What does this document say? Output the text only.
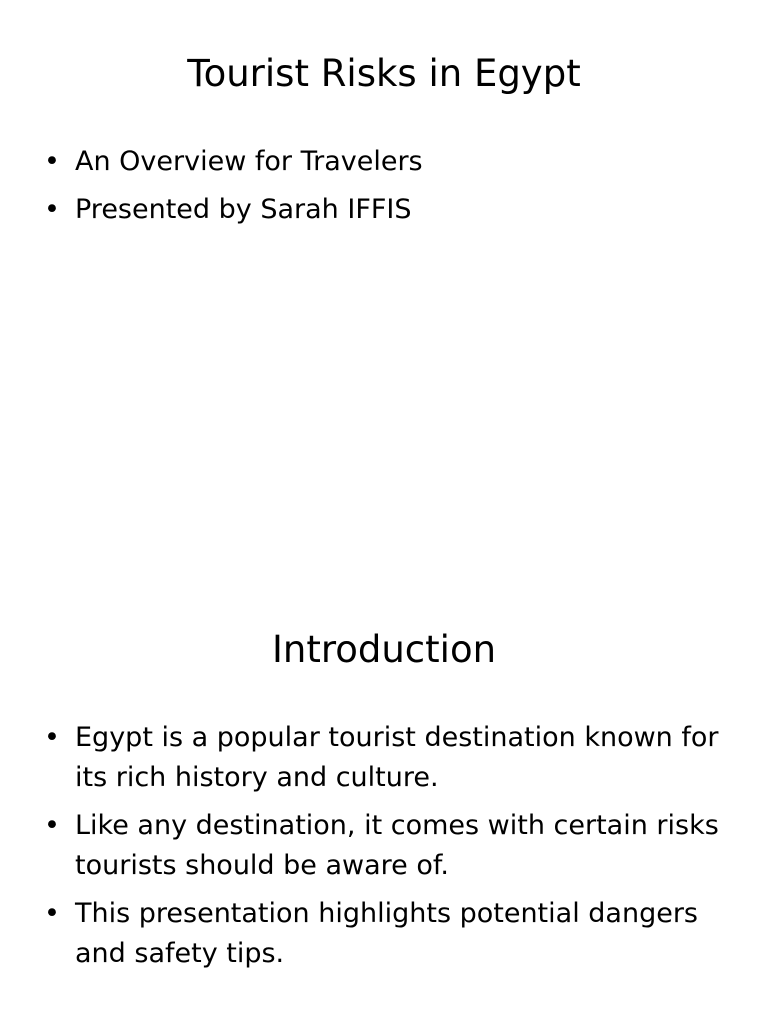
Tourist Risks in Egypt
• An Overview for Travelers
• Presented by Sarah IFFIS
Introduction
• Egypt is a popular tourist destination known for its rich history and culture.
• Like any destination, it comes with certain risks tourists should be aware of.
• This presentation highlights potential dangers and safety tips.
